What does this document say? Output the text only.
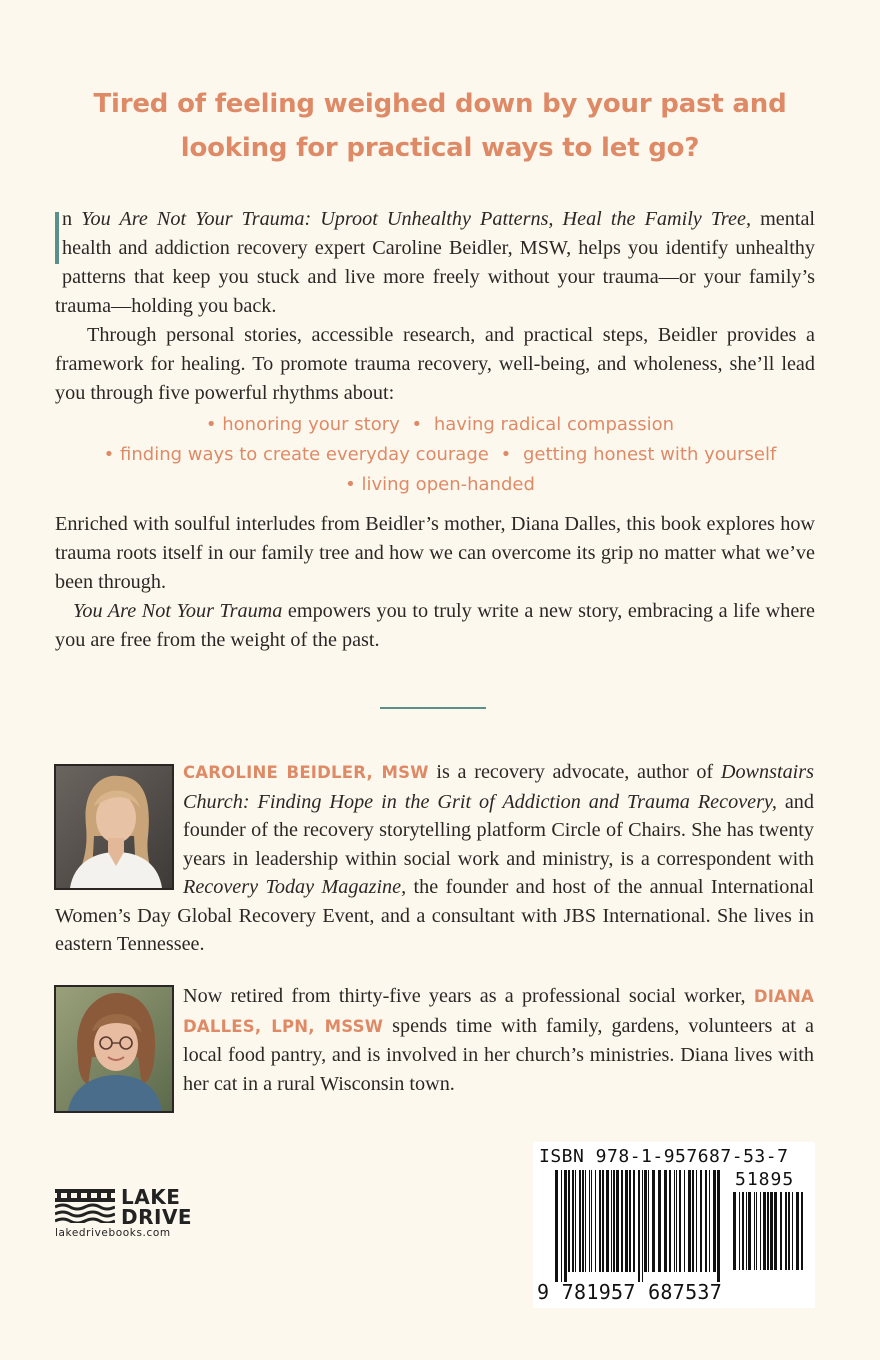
Tired of feeling weighed down by your past and
looking for practical ways to let go?

n You Are Not Your Trauma: Uproot Unhealthy Patterns, Heal the Family Tree, mental health and addiction recovery expert Caroline Beidler, MSW, helps you identify unhealthy patterns that keep you stuck and live more freely without your trauma—or your family’s trauma—holding you back.

Through personal stories, accessible research, and practical steps, Beidler provides a framework for healing. To promote trauma recovery, well-being, and wholeness, she’ll lead you through five powerful rhythms about:

• honoring your story • having radical compassion
• finding ways to create everyday courage • getting honest with yourself
• living open-handed

Enriched with soulful interludes from Beidler’s mother, Diana Dalles, this book explores how trauma roots itself in our family tree and how we can overcome its grip no matter what we’ve been through.

You Are Not Your Trauma empowers you to truly write a new story, embracing a life where you are free from the weight of the past.

CAROLINE BEIDLER, MSW is a recovery advocate, author of Downstairs Church: Finding Hope in the Grit of Addiction and Trauma Recovery, and founder of the recovery storytelling platform Circle of Chairs. She has twenty years in leadership within social work and ministry, is a correspondent with Recovery Today Magazine, the founder and host of the annual International Women’s Day Global Recovery Event, and a consultant with JBS International. She lives in eastern Tennessee.
Now retired from thirty-five years as a professional social worker, DIANA DALLES, LPN, MSSW spends time with family, gardens, volunteers at a local food pantry, and is involved in her church’s ministries. Diana lives with her cat in a rural Wisconsin town.
LAKE
DRIVE
lakedrivebooks.com
ISBN 978-1-957687-53-7
51895
9 781957 687537
